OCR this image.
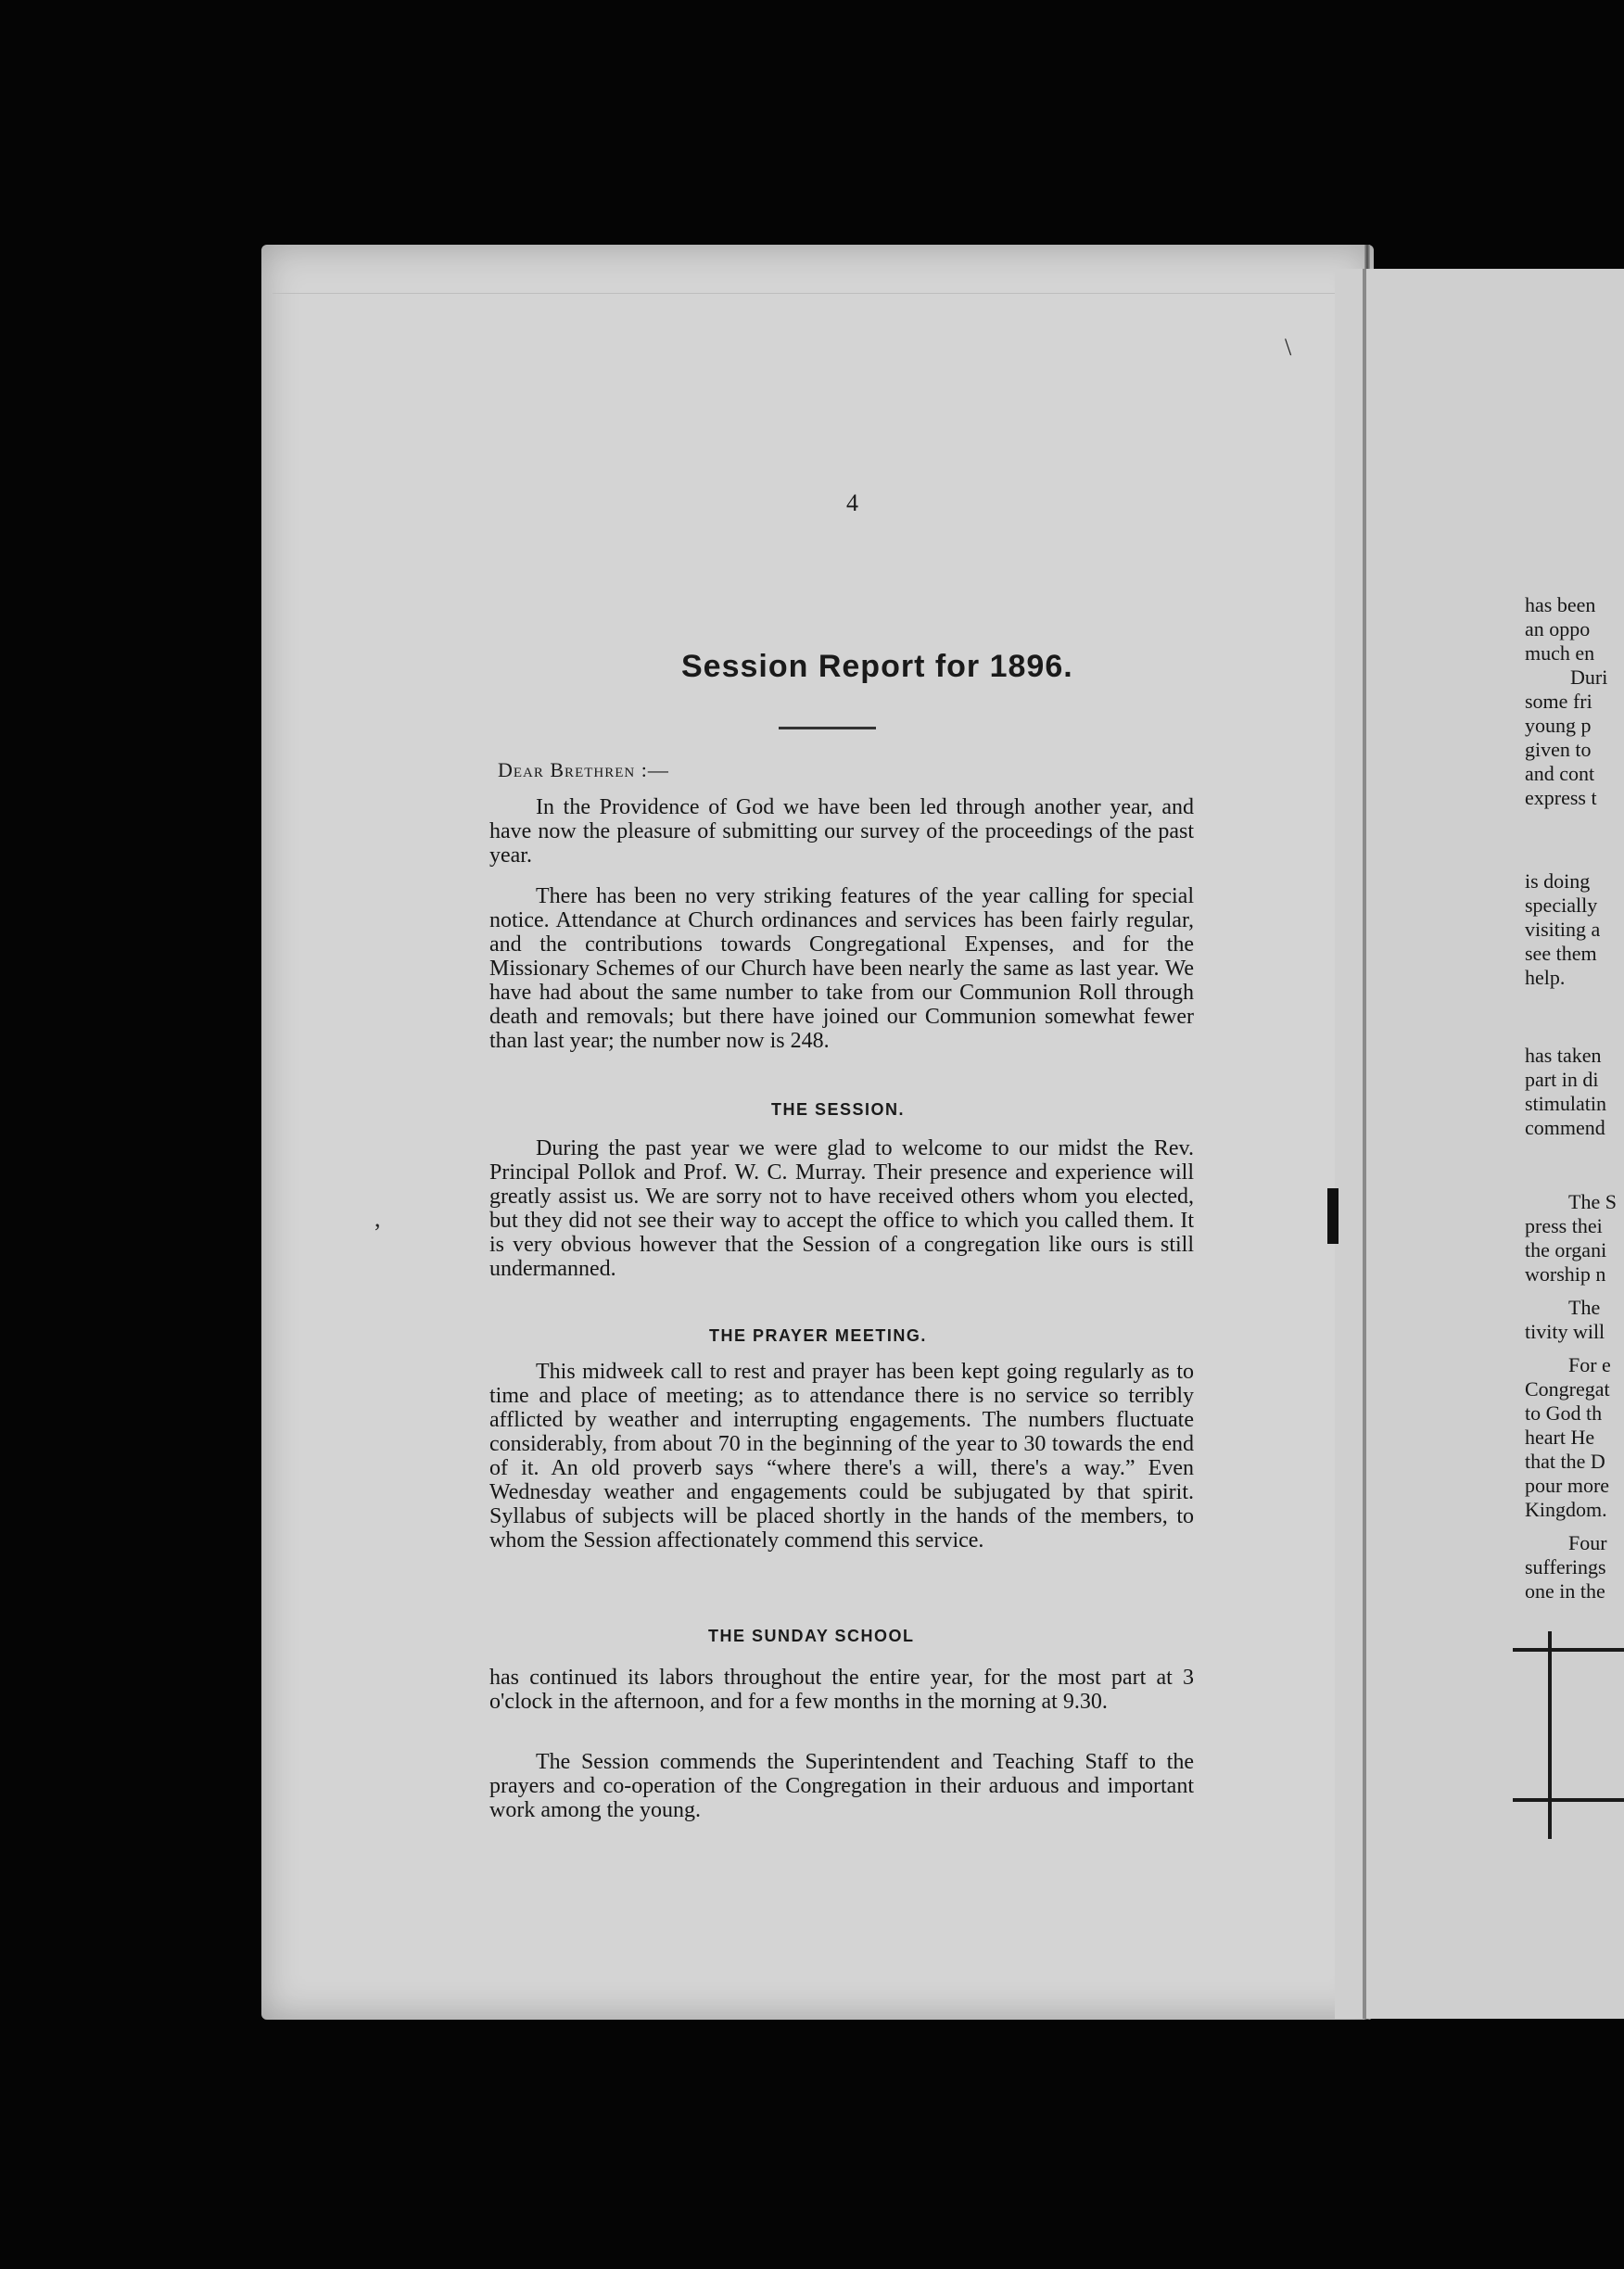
4
Session Report for 1896.
Dear Brethren :—

In the Providence of God we have been led through another year, and have now the pleasure of submitting our survey of the proceedings of the past year.

There has been no very striking features of the year calling for special notice. Attendance at Church ordinances and services has been fairly regular, and the contributions towards Congregational Expenses, and for the Missionary Schemes of our Church have been nearly the same as last year. We have had about the same number to take from our Communion Roll through death and removals; but there have joined our Communion somewhat fewer than last year; the number now is 248.

THE SESSION.

During the past year we were glad to welcome to our midst the Rev. Principal Pollok and Prof. W. C. Murray. Their presence and experience will greatly assist us. We are sorry not to have received others whom you elected, but they did not see their way to accept the office to which you called them. It is very obvious however that the Session of a congregation like ours is still undermanned.

THE PRAYER MEETING.

This midweek call to rest and prayer has been kept going regularly as to time and place of meeting; as to attendance there is no service so terribly afflicted by weather and interrupting engagements. The numbers fluctuate considerably, from about 70 in the beginning of the year to 30 towards the end of it. An old proverb says “where there's a will, there's a way.” Even Wednesday weather and engagements could be subjugated by that spirit. Syllabus of subjects will be placed shortly in the hands of the members, to whom the Session affectionately commend this service.

THE SUNDAY SCHOOL

has continued its labors throughout the entire year, for the most part at 3 o'clock in the afternoon, and for a few months in the morning at 9.30.

The Session commends the Superintendent and Teaching Staff to the prayers and co-operation of the Congregation in their arduous and important work among the young.

has been
an oppo
much en
Duri
some fri
young p
given to
and cont
express t
is doing
specially
visiting a
see them
help.
has taken
part in di
stimulatin
commend
The S
press thei
the organi
worship n
The
tivity will
For e
Congregat
to God th
heart He
that the D
pour more
Kingdom.
Four
sufferings
one in the
\
,
